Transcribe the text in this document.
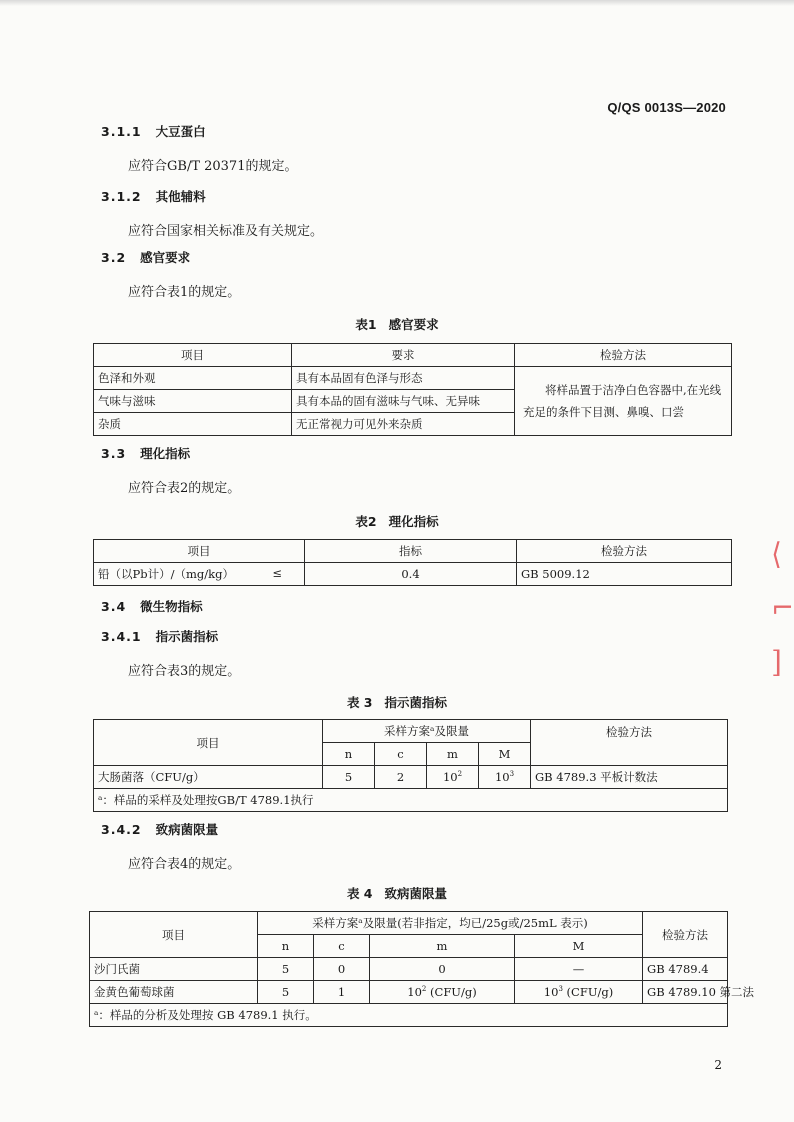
Q/QS 0013S—2020
3.1.1 大豆蛋白
应符合GB/T 20371的规定。
3.1.2 其他辅料
应符合国家相关标准及有关规定。
3.2 感官要求
应符合表1的规定。
表1 感官要求
项目	要求	检验方法
色泽和外观	具有本品固有色泽与形态	将样品置于洁净白色容器中,在光线充足的条件下目测、鼻嗅、口尝
气味与滋味	具有本品的固有滋味与气味、无异味	
杂质	无正常视力可见外来杂质	
3.3 理化指标
应符合表2的规定。
表2 理化指标
项目	指标	检验方法
铅（以Pb计）/（mg/kg） ≤	0.4	GB 5009.12
3.4 微生物指标
3.4.1 指示菌指标
应符合表3的规定。
表 3 指示菌指标
项目	采样方案ᵃ及限量				检验方法
	n	c	m	M	
大肠菌落（CFU/g）	5	2	$10^2$	$10^3$	GB 4789.3 平板计数法
ᵃ：样品的采样及处理按GB/T 4789.1执行					
3.4.2 致病菌限量
应符合表4的规定。
表 4 致病菌限量
项目	采样方案ᵃ及限量(若非指定，均已/25g或/25mL 表示)				检验方法
	n	c	m	M	
沙门氏菌	5	0	0	—	GB 4789.4
金黄色葡萄球菌	5	1	$10^2$ (CFU/g)	$10^3$ (CFU/g)	GB 4789.10 第二法
ᵃ：样品的分析及处理按 GB 4789.1 执行。					
2
⟨
⌐
]
